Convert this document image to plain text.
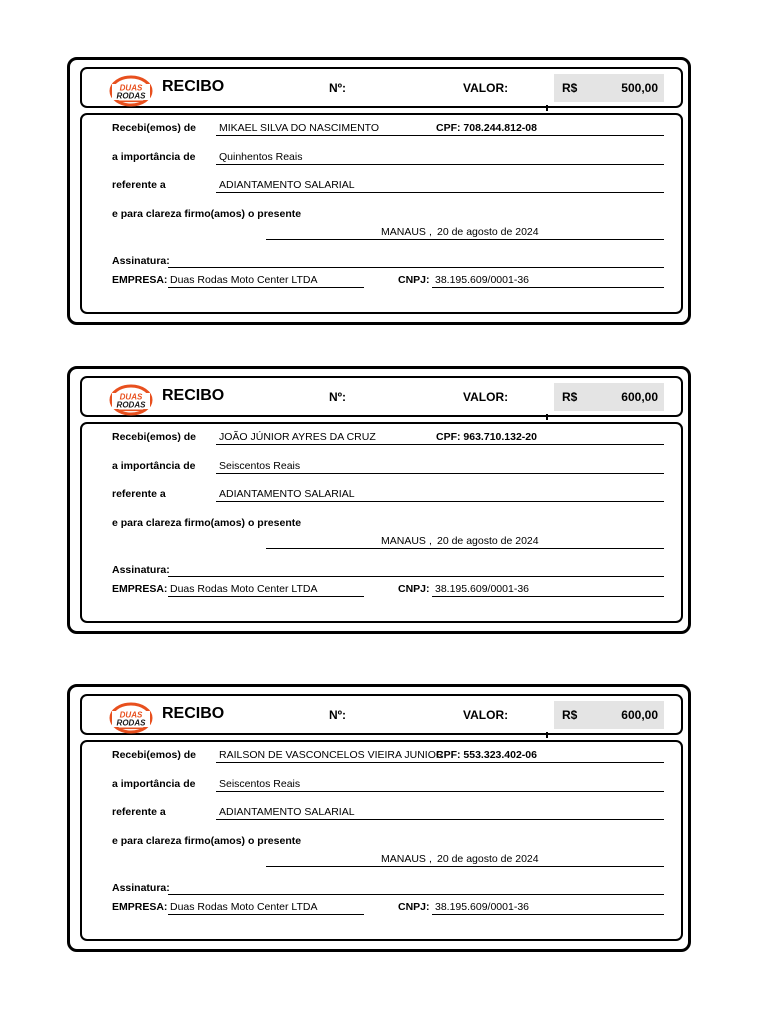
DUAS
RODAS
RECIBO	Nº:	VALOR:	R$	500,00
Recebi(emos) de MIKAEL SILVA DO NASCIMENTO	CPF: 708.244.812-08
a importância de Quinhentos Reais
referente a	ADIANTAMENTO SALARIAL
e para clareza firmo(amos) o presente
MANAUS , 20 de agosto de 2024
Assinatura:
EMPRESA: Duas Rodas Moto Center LTDA	CNPJ: 38.195.609/0001-36
DUAS
RODAS
RECIBO	Nº:	VALOR:	R$	600,00
Recebi(emos) de JOÃO JÚNIOR AYRES DA CRUZ	CPF: 963.710.132-20
a importância de Seiscentos Reais
referente a	ADIANTAMENTO SALARIAL
e para clareza firmo(amos) o presente
MANAUS , 20 de agosto de 2024
Assinatura:
EMPRESA: Duas Rodas Moto Center LTDA	CNPJ: 38.195.609/0001-36
DUAS
RODAS
RECIBO	Nº:	VALOR:	R$	600,00
Recebi(emos) de RAILSON DE VASCONCELOS VIEIRA JUNIOR
CPF: 553.323.402-06
a importância de Seiscentos Reais
referente a	ADIANTAMENTO SALARIAL
e para clareza firmo(amos) o presente
MANAUS , 20 de agosto de 2024
Assinatura:
EMPRESA: Duas Rodas Moto Center LTDA	CNPJ: 38.195.609/0001-36
